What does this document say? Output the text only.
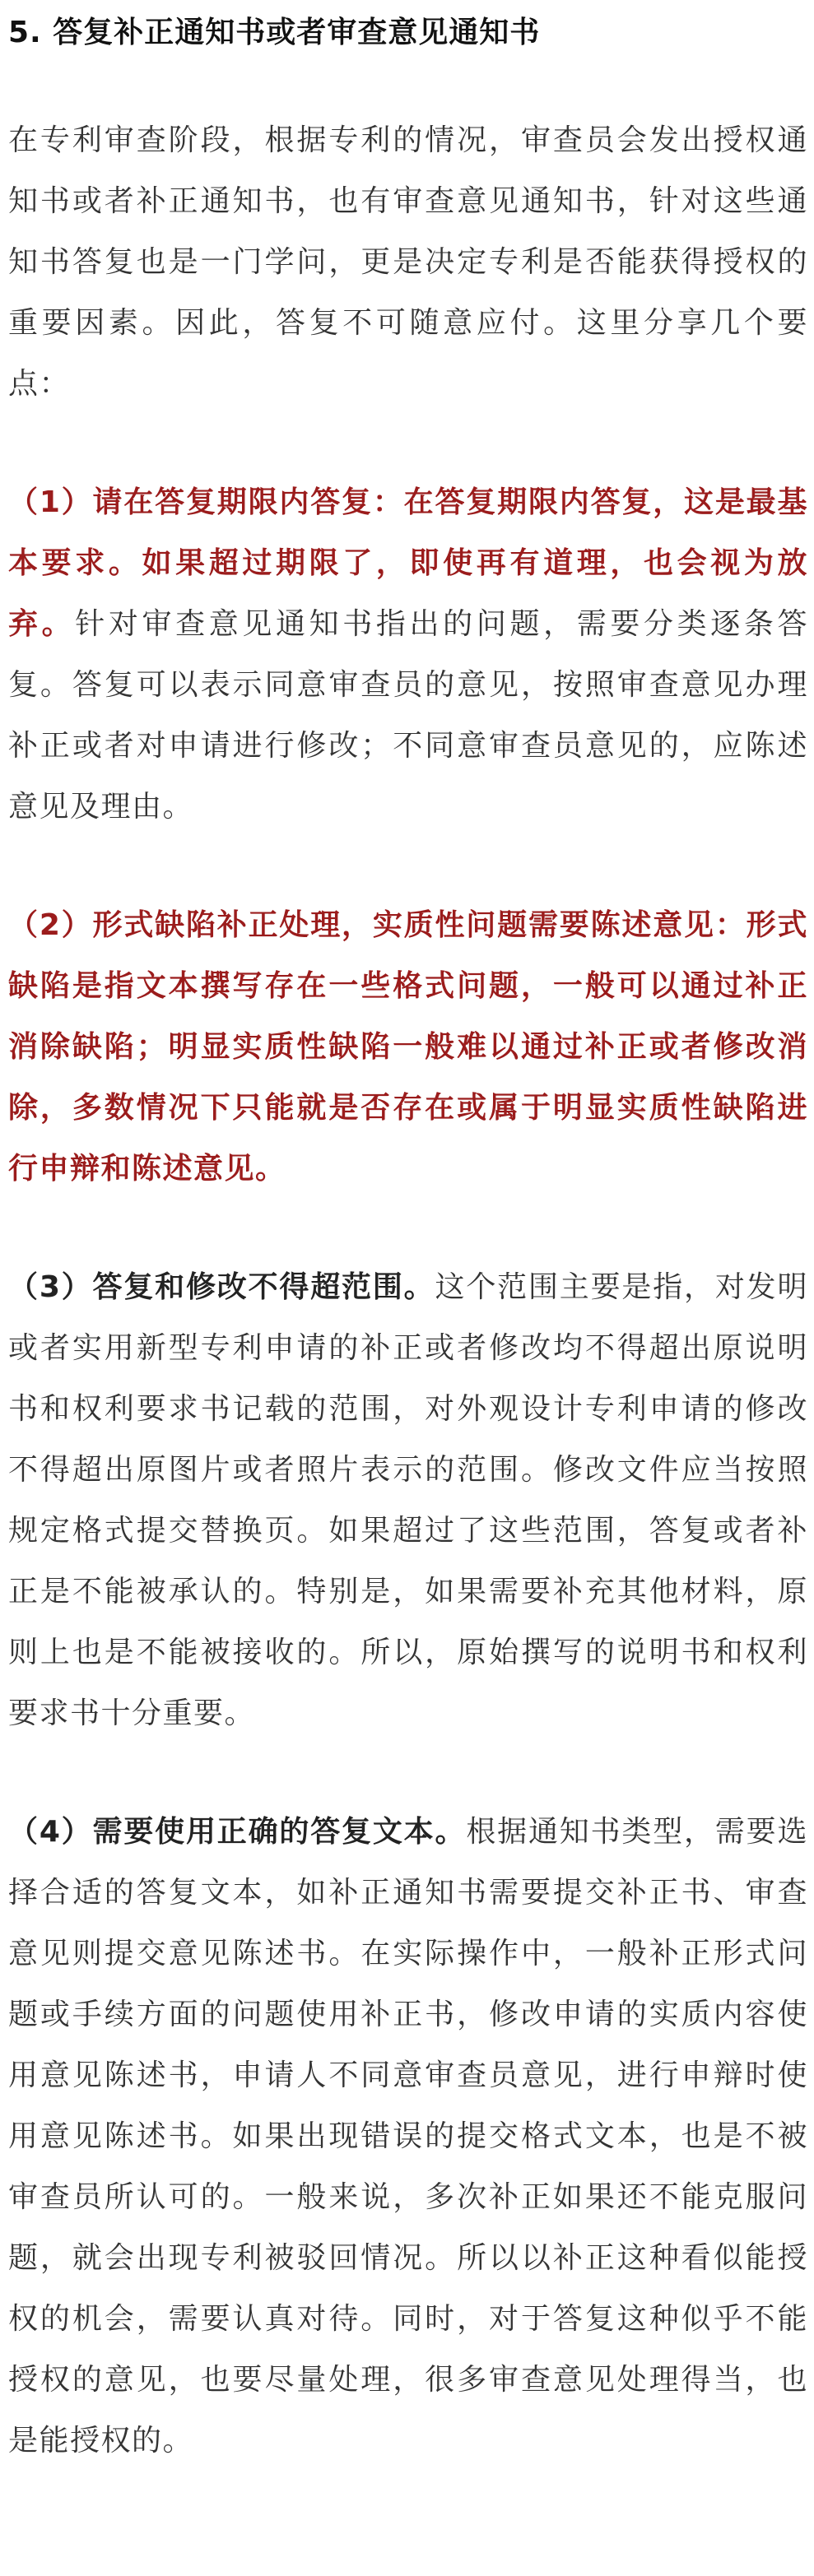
5. 答复补正通知书或者审查意见通知书

在专利审查阶段，根据专利的情况，审查员会发出授权通知书或者补正通知书，也有审查意见通知书，针对这些通知书答复也是一门学问，更是决定专利是否能获得授权的重要因素。因此，答复不可随意应付。这里分享几个要点：

（1）请在答复期限内答复：在答复期限内答复，这是最基本要求。如果超过期限了，即使再有道理，也会视为放弃。针对审查意见通知书指出的问题，需要分类逐条答复。答复可以表示同意审查员的意见，按照审查意见办理补正或者对申请进行修改；不同意审查员意见的，应陈述意见及理由。

（2）形式缺陷补正处理，实质性问题需要陈述意见：形式缺陷是指文本撰写存在一些格式问题，一般可以通过补正消除缺陷；明显实质性缺陷一般难以通过补正或者修改消除，多数情况下只能就是否存在或属于明显实质性缺陷进行申辩和陈述意见。

（3）答复和修改不得超范围。这个范围主要是指，对发明或者实用新型专利申请的补正或者修改均不得超出原说明书和权利要求书记载的范围，对外观设计专利申请的修改不得超出原图片或者照片表示的范围。修改文件应当按照规定格式提交替换页。如果超过了这些范围，答复或者补正是不能被承认的。特别是，如果需要补充其他材料，原则上也是不能被接收的。所以，原始撰写的说明书和权利要求书十分重要。

（4）需要使用正确的答复文本。根据通知书类型，需要选择合适的答复文本，如补正通知书需要提交补正书、审查意见则提交意见陈述书。在实际操作中，一般补正形式问题或手续方面的问题使用补正书，修改申请的实质内容使用意见陈述书，申请人不同意审查员意见，进行申辩时使用意见陈述书。如果出现错误的提交格式文本，也是不被审查员所认可的。一般来说，多次补正如果还不能克服问题，就会出现专利被驳回情况。所以以补正这种看似能授权的机会，需要认真对待。同时，对于答复这种似乎不能授权的意见，也要尽量处理，很多审查意见处理得当，也是能授权的。
